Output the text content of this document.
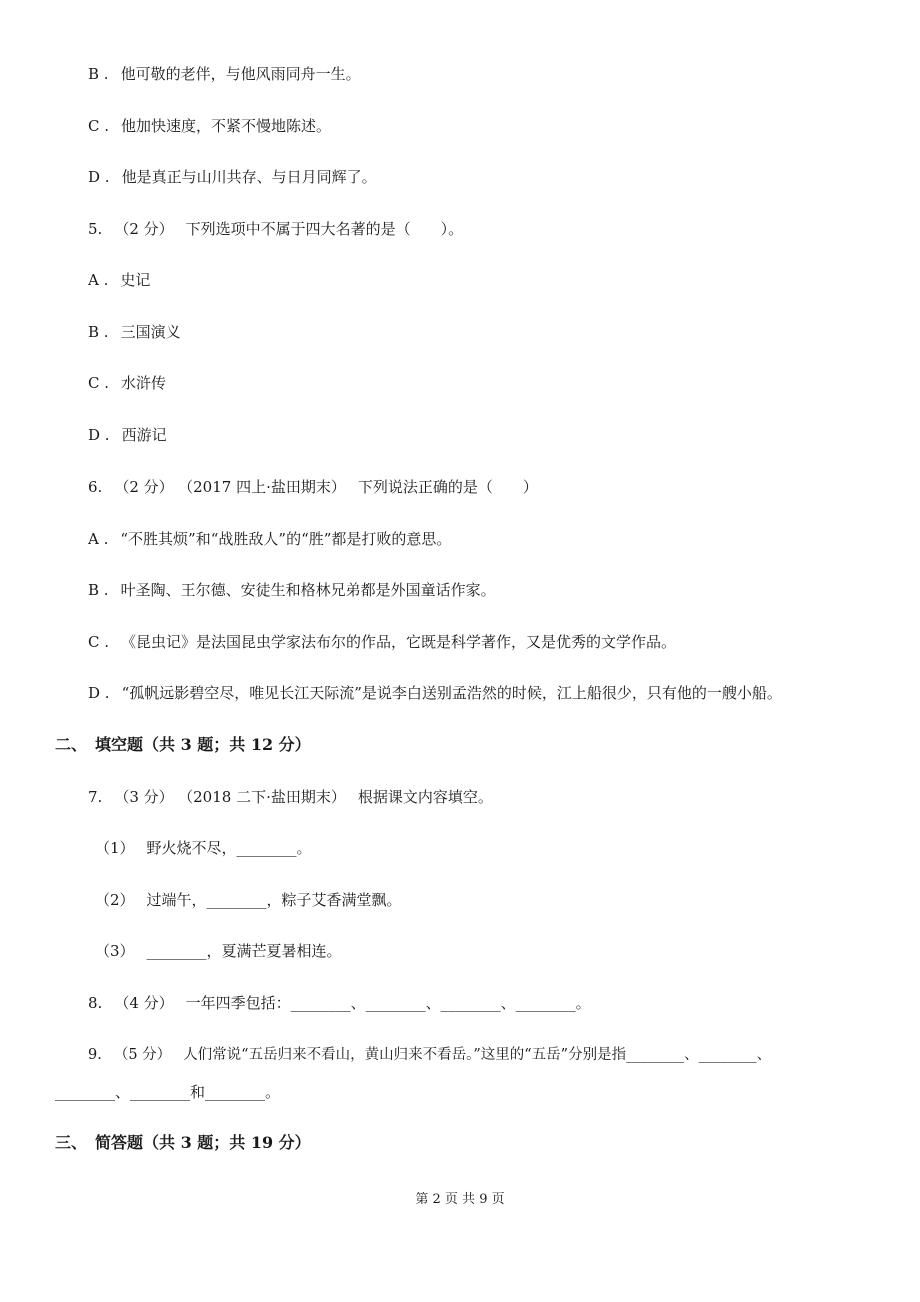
B . 他可敬的老伴，与他风雨同舟一生。
C . 他加快速度，不紧不慢地陈述。
D . 他是真正与山川共存、与日月同辉了。
5. （2 分） 下列选项中不属于四大名著的是（　　）。
A . 史记
B . 三国演义
C . 水浒传
D . 西游记
6. （2 分） （2017 四上·盐田期末） 下列说法正确的是（　　）
A . “不胜其烦”和“战胜敌人”的“胜”都是打败的意思。
B . 叶圣陶、王尔德、安徒生和格林兄弟都是外国童话作家。
C . 《昆虫记》是法国昆虫学家法布尔的作品，它既是科学著作，又是优秀的文学作品。
D . “孤帆远影碧空尽，唯见长江天际流”是说李白送别孟浩然的时候，江上船很少，只有他的一艘小船。
二、　填空题（共 3 题；共 12 分）
7. （3 分） （2018 二下·盐田期末） 根据课文内容填空。
（1） 野火烧不尽，________。
（2） 过端午，________，粽子艾香满堂飘。
（3） ________，夏满芒夏暑相连。
8. （4 分） 一年四季包括：________、________、________、________。
9. （5 分） 人们常说“五岳归来不看山，黄山归来不看岳。”这里的“五岳”分别是指________、________、
________、________和________。
三、　简答题（共 3 题；共 19 分）
第 2 页 共 9 页
